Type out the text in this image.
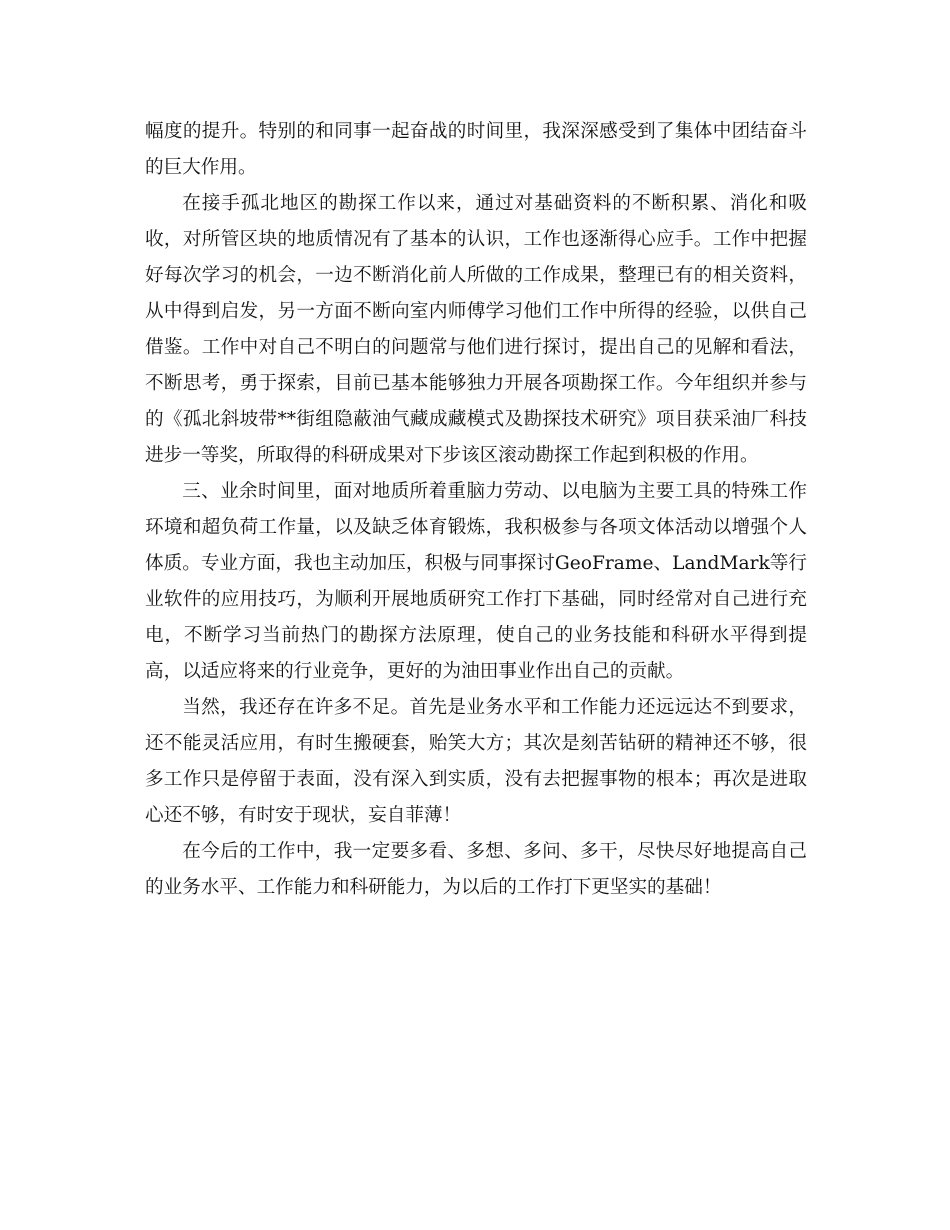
幅度的提升。特别的和同事一起奋战的时间里，我深深感受到了集体中团结奋斗的巨大作用。

在接手孤北地区的勘探工作以来，通过对基础资料的不断积累、消化和吸收，对所管区块的地质情况有了基本的认识，工作也逐渐得心应手。工作中把握好每次学习的机会，一边不断消化前人所做的工作成果，整理已有的相关资料，从中得到启发，另一方面不断向室内师傅学习他们工作中所得的经验，以供自己借鉴。工作中对自己不明白的问题常与他们进行探讨，提出自己的见解和看法，不断思考，勇于探索，目前已基本能够独力开展各项勘探工作。今年组织并参与的《孤北斜坡带**街组隐蔽油气藏成藏模式及勘探技术研究》项目获采油厂科技进步一等奖，所取得的科研成果对下步该区滚动勘探工作起到积极的作用。

三、业余时间里，面对地质所着重脑力劳动、以电脑为主要工具的特殊工作环境和超负荷工作量，以及缺乏体育锻炼，我积极参与各项文体活动以增强个人体质。专业方面，我也主动加压，积极与同事探讨GeoFrame、LandMark等行业软件的应用技巧，为顺利开展地质研究工作打下基础，同时经常对自己进行充电，不断学习当前热门的勘探方法原理，使自己的业务技能和科研水平得到提高，以适应将来的行业竞争，更好的为油田事业作出自己的贡献。

当然，我还存在许多不足。首先是业务水平和工作能力还远远达不到要求，还不能灵活应用，有时生搬硬套，贻笑大方；其次是刻苦钻研的精神还不够，很多工作只是停留于表面，没有深入到实质，没有去把握事物的根本；再次是进取心还不够，有时安于现状，妄自菲薄！

在今后的工作中，我一定要多看、多想、多问、多干，尽快尽好地提高自己的业务水平、工作能力和科研能力，为以后的工作打下更坚实的基础！
